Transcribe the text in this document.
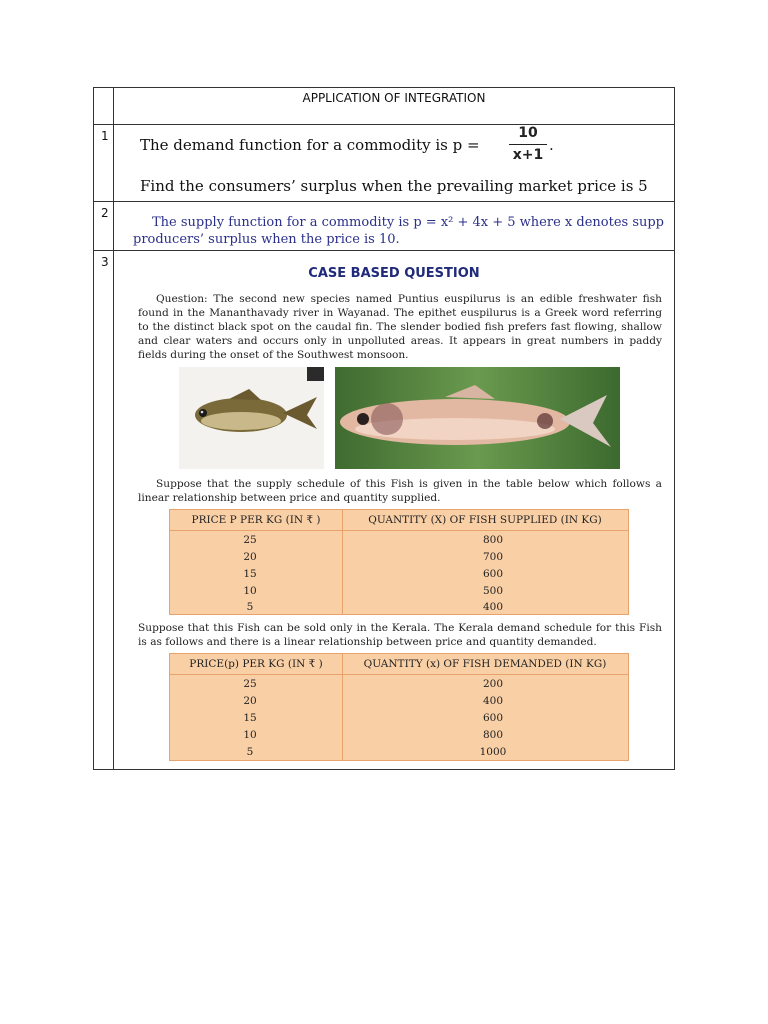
APPLICATION OF INTEGRATION
1 The demand function for a commodity is p =
10
x+1
.
Find the consumers’ surplus when the prevailing market price is 5
2
The supply function for a commodity is p = x² + 4x + 5 where x denotes supp
producers’ surplus when the price is 10.
3
CASE BASED QUESTION
Question: The second new species named Puntius euspilurus is an edible freshwater fish found in the Mananthavady river in Wayanad. The epithet euspilurus is a Greek word referring to the distinct black spot on the caudal fin. The slender bodied fish prefers fast flowing, shallow and clear waters and occurs only in unpolluted areas. It appears in great numbers in paddy fields during the onset of the Southwest monsoon.
Suppose that the supply schedule of this Fish is given in the table below which follows a linear relationship between price and quantity supplied.
PRICE P PER KG (IN ₹ )	QUANTITY (X) OF FISH SUPPLIED (IN KG)
25	800
20	700
15	600
10	500
5	400
Suppose that this Fish can be sold only in the Kerala. The Kerala demand schedule for this Fish is as follows and there is a linear relationship between price and quantity demanded.
PRICE(p) PER KG (IN ₹ )	QUANTITY (x) OF FISH DEMANDED (IN KG)
25	200
20	400
15	600
10	800
5	1000
